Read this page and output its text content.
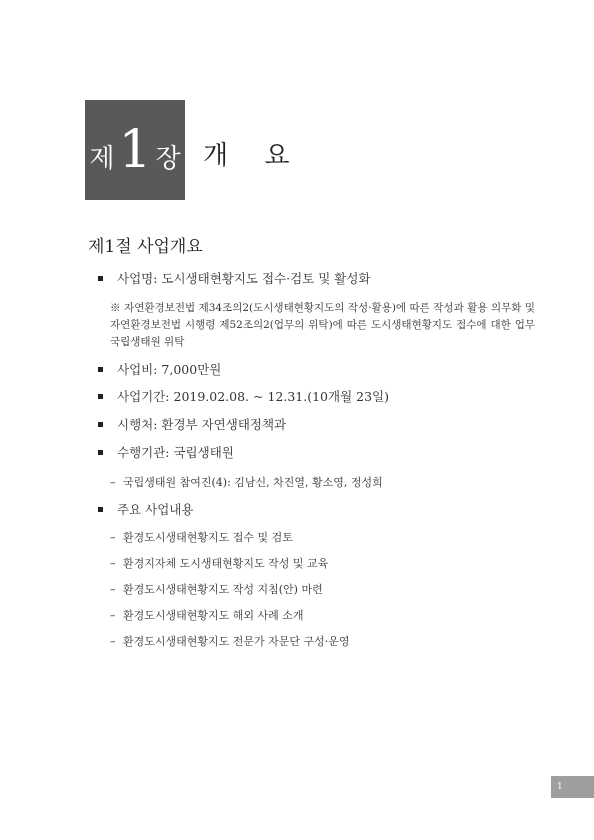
제 1 장 개 요
제1절 사업개요
사업명: 도시생태현황지도 접수·검토 및 활성화
※ 자연환경보전법 제34조의2(도시생태현황지도의 작성·활용)에 따른 작성과 활용 의무화 및 자연환경보전법 시행령 제52조의2(업무의 위탁)에 따른 도시생태현황지도 접수에 대한 업무 국립생태원 위탁
사업비: 7,000만원
사업기간: 2019.02.08. ~ 12.31.(10개월 23일)
시행처: 환경부 자연생태정책과
수행기관: 국립생태원
– 국립생태원 참여진(4): 김남신, 차진열, 황소영, 정성희
주요 사업내용
– 환경도시생태현황지도 접수 및 검토
– 환경지자체 도시생태현황지도 작성 및 교육
– 환경도시생태현황지도 작성 지침(안) 마련
– 환경도시생태현황지도 해외 사례 소개
– 환경도시생태현황지도 전문가 자문단 구성·운영
1
